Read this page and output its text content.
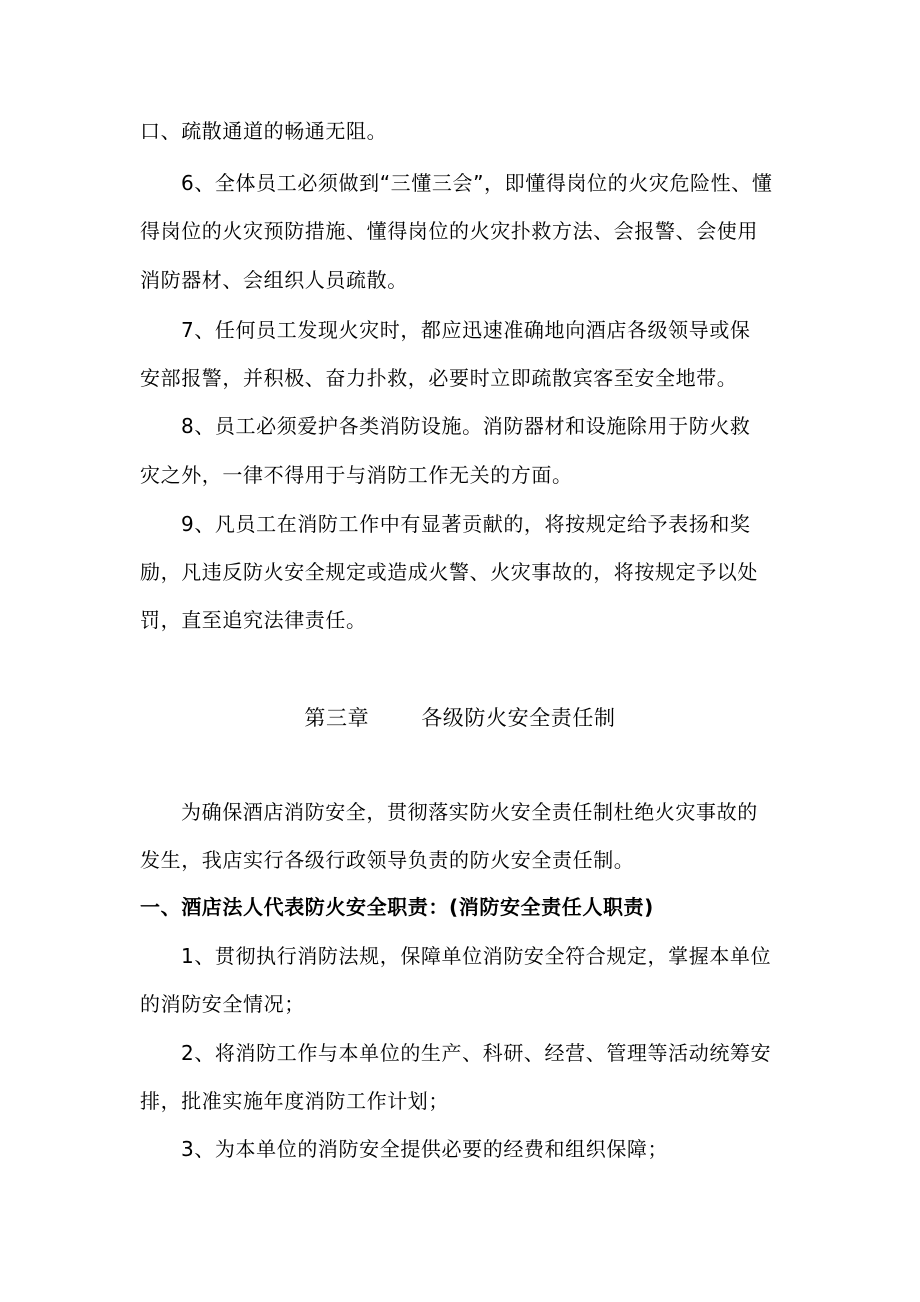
口、疏散通道的畅通无阻。
6、全体员工必须做到“三懂三会”，即懂得岗位的火灾危险性、懂
得岗位的火灾预防措施、懂得岗位的火灾扑救方法、会报警、会使用
消防器材、会组织人员疏散。
7、任何员工发现火灾时，都应迅速准确地向酒店各级领导或保
安部报警，并积极、奋力扑救，必要时立即疏散宾客至安全地带。
8、员工必须爱护各类消防设施。消防器材和设施除用于防火救
灾之外，一律不得用于与消防工作无关的方面。
9、凡员工在消防工作中有显著贡献的，将按规定给予表扬和奖
励，凡违反防火安全规定或造成火警、火灾事故的，将按规定予以处
罚，直至追究法律责任。
第三章 各级防火安全责任制
为确保酒店消防安全，贯彻落实防火安全责任制杜绝火灾事故的
发生，我店实行各级行政领导负责的防火安全责任制。
一、酒店法人代表防火安全职责：(消防安全责任人职责)
1、贯彻执行消防法规，保障单位消防安全符合规定，掌握本单位
的消防安全情况；
2、将消防工作与本单位的生产、科研、经营、管理等活动统筹安
排，批准实施年度消防工作计划；
3、为本单位的消防安全提供必要的经费和组织保障；
